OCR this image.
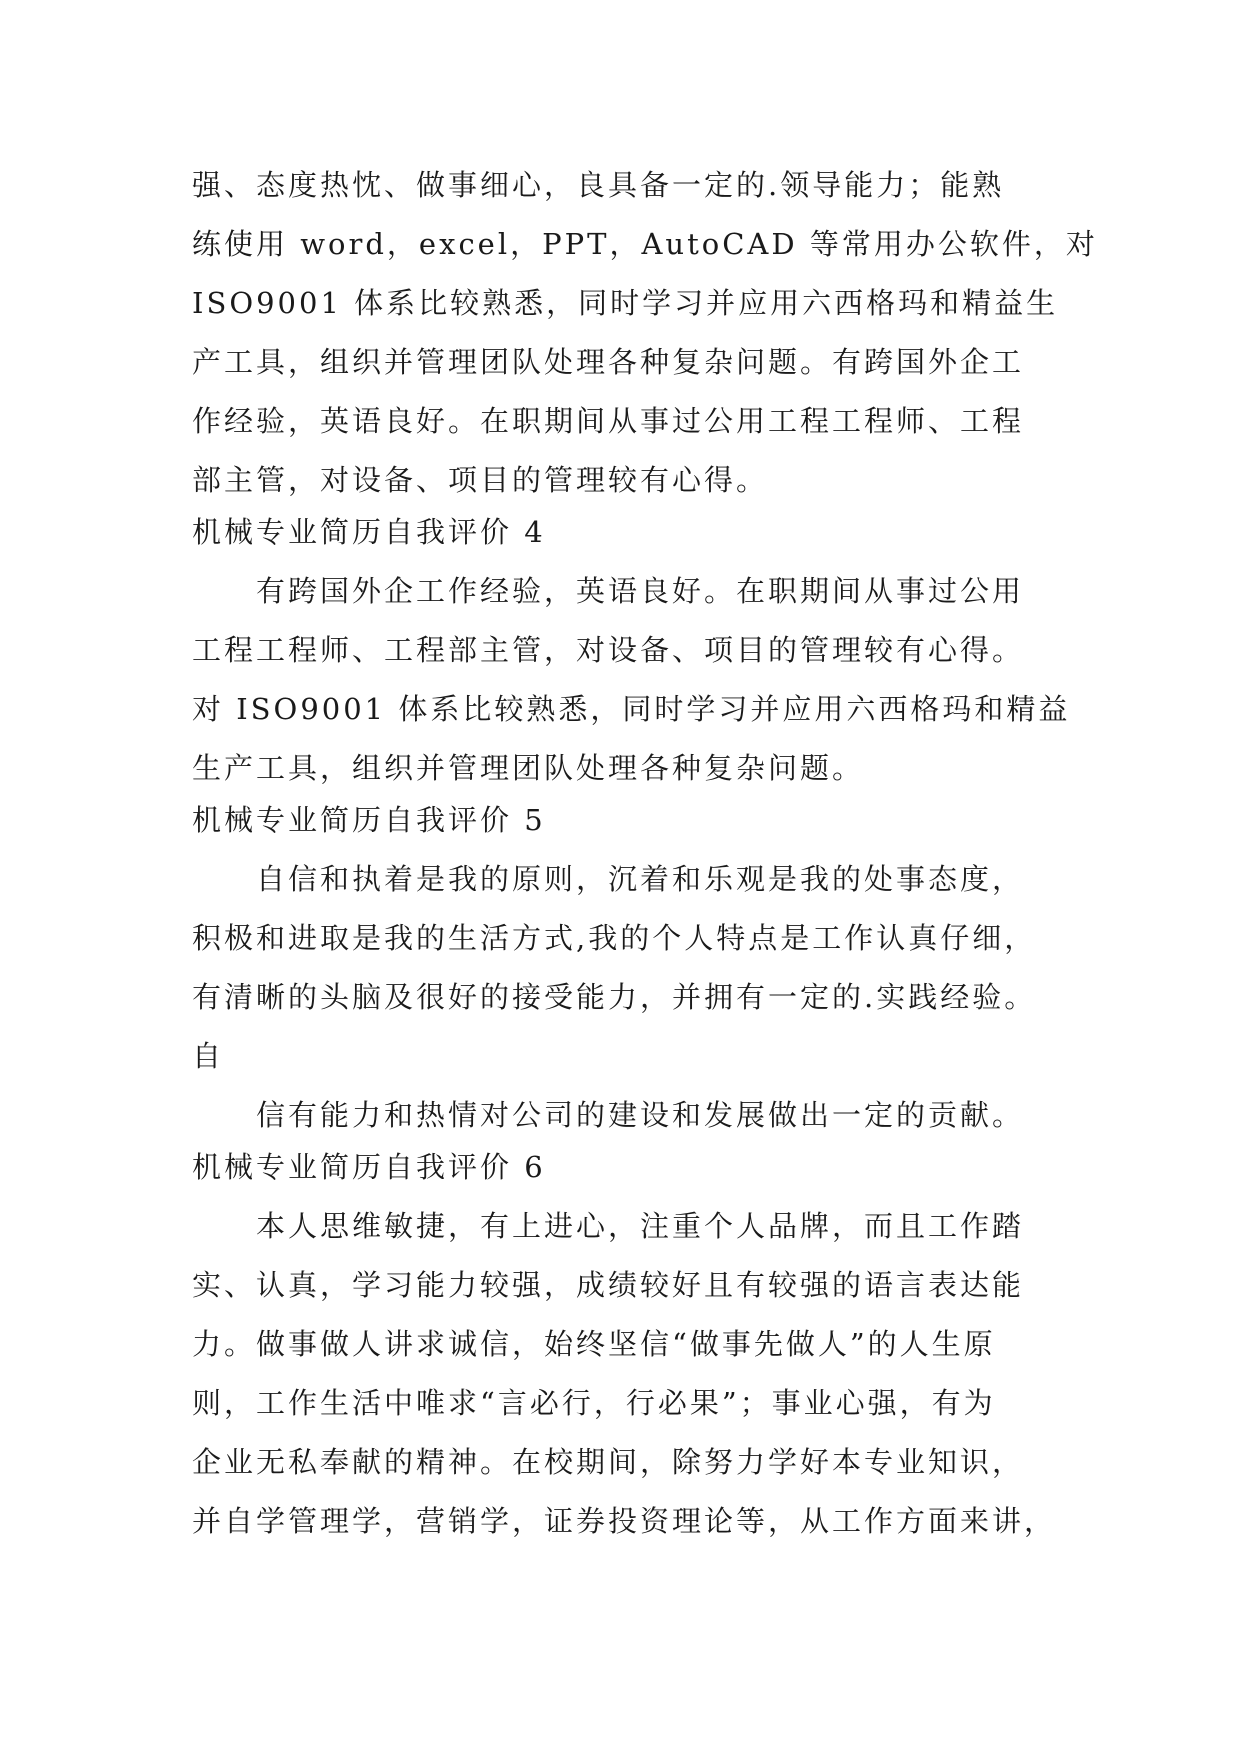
强、态度热忱、做事细心，良具备一定的.领导能力；能熟
练使用 word，excel，PPT，AutoCAD 等常用办公软件，对
ISO9001 体系比较熟悉，同时学习并应用六西格玛和精益生
产工具，组织并管理团队处理各种复杂问题。有跨国外企工
作经验，英语良好。在职期间从事过公用工程工程师、工程
部主管，对设备、项目的管理较有心得。
机械专业简历自我评价 4
有跨国外企工作经验，英语良好。在职期间从事过公用
工程工程师、工程部主管，对设备、项目的管理较有心得。
对 ISO9001 体系比较熟悉，同时学习并应用六西格玛和精益
生产工具，组织并管理团队处理各种复杂问题。
机械专业简历自我评价 5
自信和执着是我的原则，沉着和乐观是我的处事态度，
积极和进取是我的生活方式,我的个人特点是工作认真仔细，
有清晰的头脑及很好的接受能力，并拥有一定的.实践经验。
自
信有能力和热情对公司的建设和发展做出一定的贡献。
机械专业简历自我评价 6
本人思维敏捷，有上进心，注重个人品牌，而且工作踏
实、认真，学习能力较强，成绩较好且有较强的语言表达能
力。做事做人讲求诚信，始终坚信“做事先做人”的人生原
则，工作生活中唯求“言必行，行必果”；事业心强，有为
企业无私奉献的精神。在校期间，除努力学好本专业知识，
并自学管理学，营销学，证券投资理论等，从工作方面来讲，
